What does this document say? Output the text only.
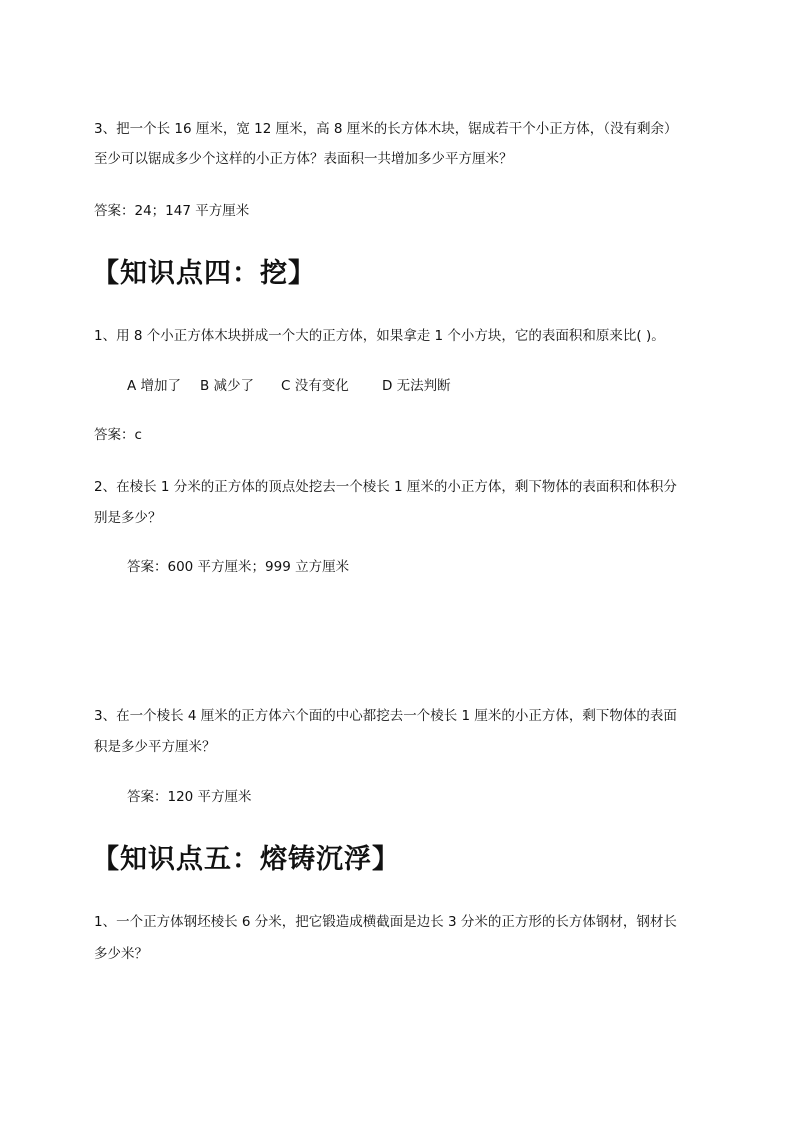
3、把一个长 16 厘米，宽 12 厘米，高 8 厘米的长方体木块，锯成若干个小正方体，（没有剩余）

至少可以锯成多少个这样的小正方体？表面积一共增加多少平方厘米？

答案：24；147 平方厘米

【知识点四：挖】

1、用 8 个小正方体木块拼成一个大的正方体，如果拿走 1 个小方块，它的表面积和原来比( )。

A 增加了 B 减少了 C 没有变化 D 无法判断

答案：c

2、在棱长 1 分米的正方体的顶点处挖去一个棱长 1 厘米的小正方体，剩下物体的表面积和体积分

别是多少？

答案：600 平方厘米；999 立方厘米

3、在一个棱长 4 厘米的正方体六个面的中心都挖去一个棱长 1 厘米的小正方体，剩下物体的表面

积是多少平方厘米？

答案：120 平方厘米

【知识点五：熔铸沉浮】

1、一个正方体钢坯棱长 6 分米，把它锻造成横截面是边长 3 分米的正方形的长方体钢材，钢材长

多少米？
